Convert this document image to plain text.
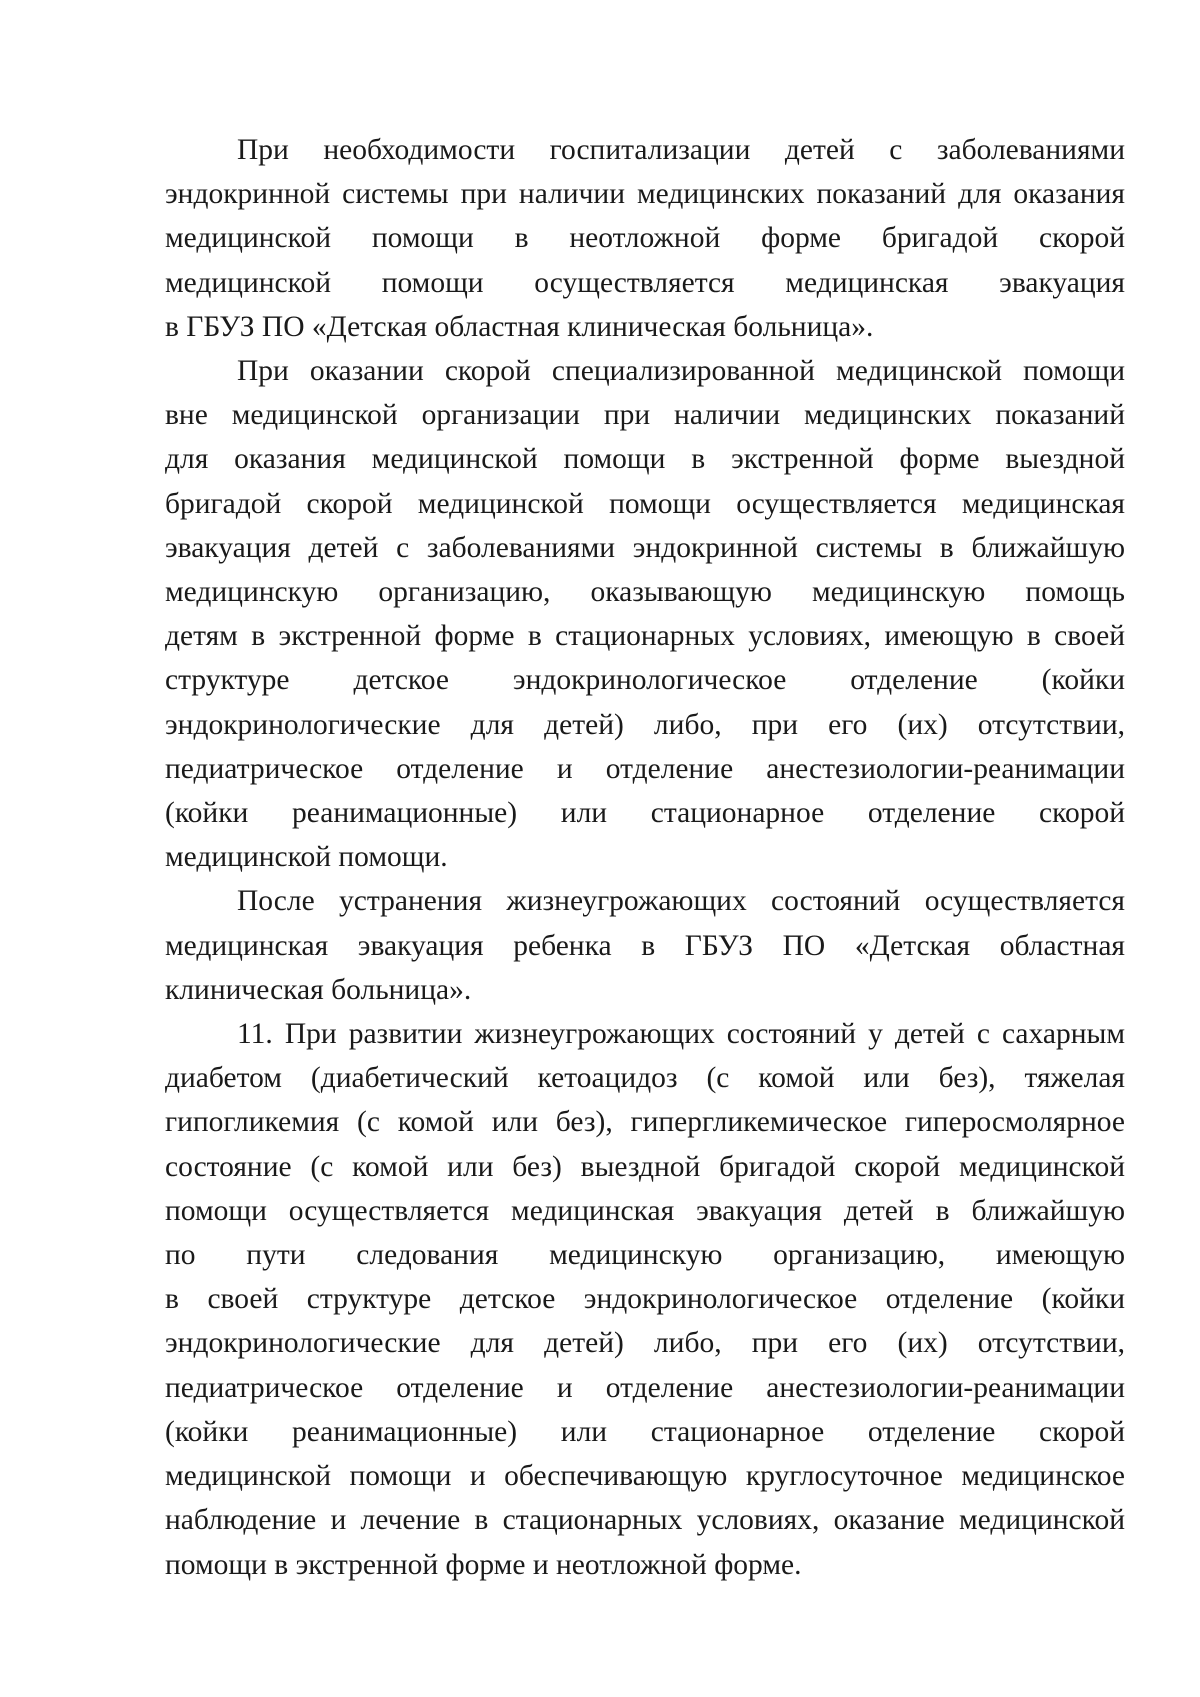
При необходимости госпитализации детей с заболеваниями
эндокринной системы при наличии медицинских показаний для оказания
медицинской помощи в неотложной форме бригадой скорой
медицинской помощи осуществляется медицинская эвакуация
в ГБУЗ ПО «Детская областная клиническая больница».
При оказании скорой специализированной медицинской помощи
вне медицинской организации при наличии медицинских показаний
для оказания медицинской помощи в экстренной форме выездной
бригадой скорой медицинской помощи осуществляется медицинская
эвакуация детей с заболеваниями эндокринной системы в ближайшую
медицинскую организацию, оказывающую медицинскую помощь
детям в экстренной форме в стационарных условиях, имеющую в своей
структуре детское эндокринологическое отделение (койки
эндокринологические для детей) либо, при его (их) отсутствии,
педиатрическое отделение и отделение анестезиологии-реанимации
(койки реанимационные) или стационарное отделение скорой
медицинской помощи.
После устранения жизнеугрожающих состояний осуществляется
медицинская эвакуация ребенка в ГБУЗ ПО «Детская областная
клиническая больница».
11. При развитии жизнеугрожающих состояний у детей с сахарным
диабетом (диабетический кетоацидоз (с комой или без), тяжелая
гипогликемия (с комой или без), гипергликемическое гиперосмолярное
состояние (с комой или без) выездной бригадой скорой медицинской
помощи осуществляется медицинская эвакуация детей в ближайшую
по пути следования медицинскую организацию, имеющую
в своей структуре детское эндокринологическое отделение (койки
эндокринологические для детей) либо, при его (их) отсутствии,
педиатрическое отделение и отделение анестезиологии-реанимации
(койки реанимационные) или стационарное отделение скорой
медицинской помощи и обеспечивающую круглосуточное медицинское
наблюдение и лечение в стационарных условиях, оказание медицинской
помощи в экстренной форме и неотложной форме.
